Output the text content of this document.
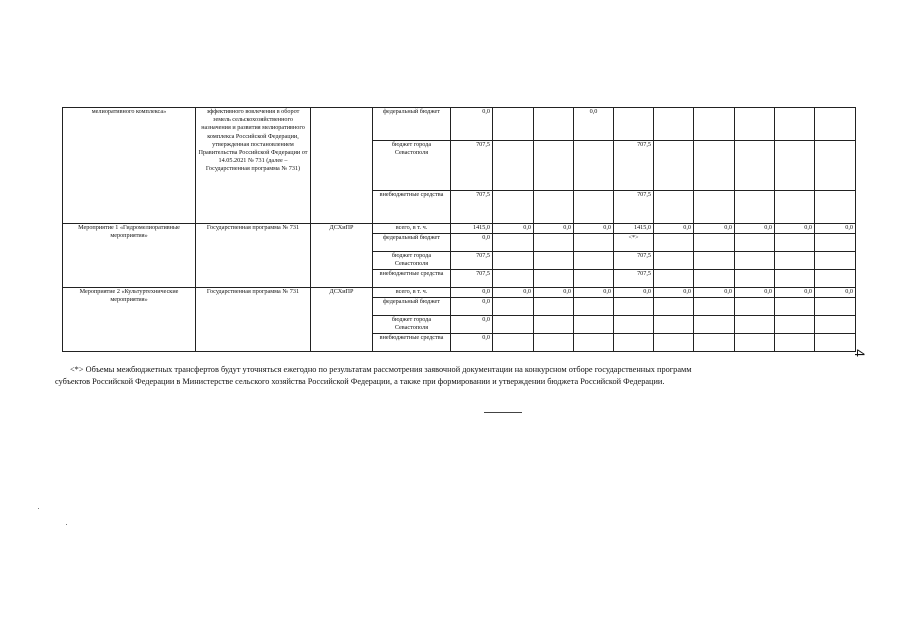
мелиоративного комплекса»	эффективного вовлечения в оборот земель сельскохозяйственного назначения и развития мелиоративного комплекса Российской Федерации, утвержденная постановлением Правительства Российской Федерации от 14.05.2021 № 731 (далее –Государственная программа № 731)		федеральный бюджет	0,0			0,0						
			бюджет города Севастополя	707,5				707,5					
			внебюджетные средства	707,5				707,5					
Мероприятие 1 «Гидромелиоративные мероприятия»	Государственная программа № 731	ДСХиПР	всего, в т. ч.	1415,0	0,0	0,0	0,0	1415,0	0,0	0,0	0,0	0,0	0,0
			федеральный бюджет	0,0				<*>					
			бюджет города Севастополя	707,5				707,5					
			внебюджетные средства	707,5				707,5					
Мероприятие 2 «Культуртехнические мероприятия»	Государственная программа № 731	ДСХиПР	всего, в т. ч.	0,0	0,0	0,0	0,0	0,0	0,0	0,0	0,0	0,0	0,0
			федеральный бюджет	0,0									
			бюджет города Севастополя	0,0									
			внебюджетные средства	0,0									
<*> Объемы межбюджетных трансфертов будут уточняться ежегодно по результатам рассмотрения заявочной документации на конкурсном отборе государственных программ
субъектов Российской Федерации в Министерстве сельского хозяйства Российской Федерации, а также при формировании и утверждении бюджета Российской Федерации.
4
